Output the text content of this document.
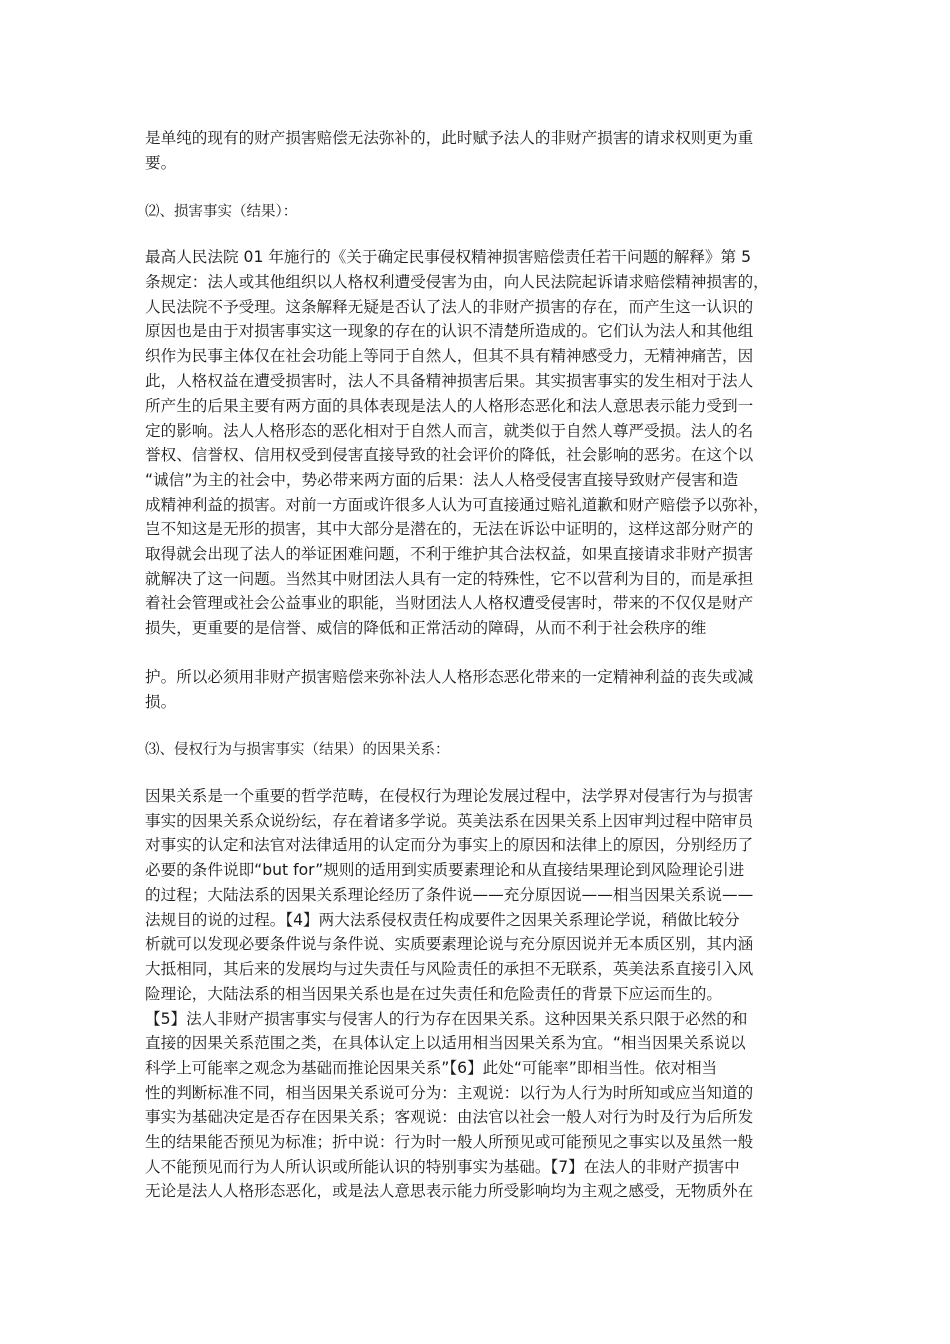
是单纯的现有的财产损害赔偿无法弥补的，此时赋予法人的非财产损害的请求权则更为重
要。
⑵、损害事实（结果）：
最高人民法院 01 年施行的《关于确定民事侵权精神损害赔偿责任若干问题的解释》第 5
条规定：法人或其他组织以人格权利遭受侵害为由，向人民法院起诉请求赔偿精神损害的，
人民法院不予受理。这条解释无疑是否认了法人的非财产损害的存在，而产生这一认识的
原因也是由于对损害事实这一现象的存在的认识不清楚所造成的。它们认为法人和其他组
织作为民事主体仅在社会功能上等同于自然人，但其不具有精神感受力，无精神痛苦，因
此，人格权益在遭受损害时，法人不具备精神损害后果。其实损害事实的发生相对于法人
所产生的后果主要有两方面的具体表现是法人的人格形态恶化和法人意思表示能力受到一
定的影响。法人人格形态的恶化相对于自然人而言，就类似于自然人尊严受损。法人的名
誉权、信誉权、信用权受到侵害直接导致的社会评价的降低，社会影响的恶劣。在这个以
“诚信”为主的社会中，势必带来两方面的后果：法人人格受侵害直接导致财产侵害和造
成精神利益的损害。对前一方面或许很多人认为可直接通过赔礼道歉和财产赔偿予以弥补，
岂不知这是无形的损害，其中大部分是潜在的，无法在诉讼中证明的，这样这部分财产的
取得就会出现了法人的举证困难问题，不利于维护其合法权益，如果直接请求非财产损害
就解决了这一问题。当然其中财团法人具有一定的特殊性，它不以营利为目的，而是承担
着社会管理或社会公益事业的职能，当财团法人人格权遭受侵害时，带来的不仅仅是财产
损失，更重要的是信誉、威信的降低和正常活动的障碍，从而不利于社会秩序的维
护。所以必须用非财产损害赔偿来弥补法人人格形态恶化带来的一定精神利益的丧失或减
损。
⑶、侵权行为与损害事实（结果）的因果关系：
因果关系是一个重要的哲学范畴，在侵权行为理论发展过程中，法学界对侵害行为与损害
事实的因果关系众说纷纭，存在着诸多学说。英美法系在因果关系上因审判过程中陪审员
对事实的认定和法官对法律适用的认定而分为事实上的原因和法律上的原因，分别经历了
必要的条件说即“but for”规则的适用到实质要素理论和从直接结果理论到风险理论引进
的过程；大陆法系的因果关系理论经历了条件说——充分原因说——相当因果关系说——
法规目的说的过程。【4】两大法系侵权责任构成要件之因果关系理论学说，稍做比较分
析就可以发现必要条件说与条件说、实质要素理论说与充分原因说并无本质区别，其内涵
大抵相同，其后来的发展均与过失责任与风险责任的承担不无联系，英美法系直接引入风
险理论，大陆法系的相当因果关系也是在过失责任和危险责任的背景下应运而生的。
【5】法人非财产损害事实与侵害人的行为存在因果关系。这种因果关系只限于必然的和
直接的因果关系范围之类，在具体认定上以适用相当因果关系为宜。“相当因果关系说以
科学上可能率之观念为基础而推论因果关系”【6】此处“可能率”即相当性。依对相当
性的判断标准不同，相当因果关系说可分为：主观说：以行为人行为时所知或应当知道的
事实为基础决定是否存在因果关系；客观说：由法官以社会一般人对行为时及行为后所发
生的结果能否预见为标准；折中说：行为时一般人所预见或可能预见之事实以及虽然一般
人不能预见而行为人所认识或所能认识的特别事实为基础。【7】在法人的非财产损害中
无论是法人人格形态恶化，或是法人意思表示能力所受影响均为主观之感受，无物质外在
